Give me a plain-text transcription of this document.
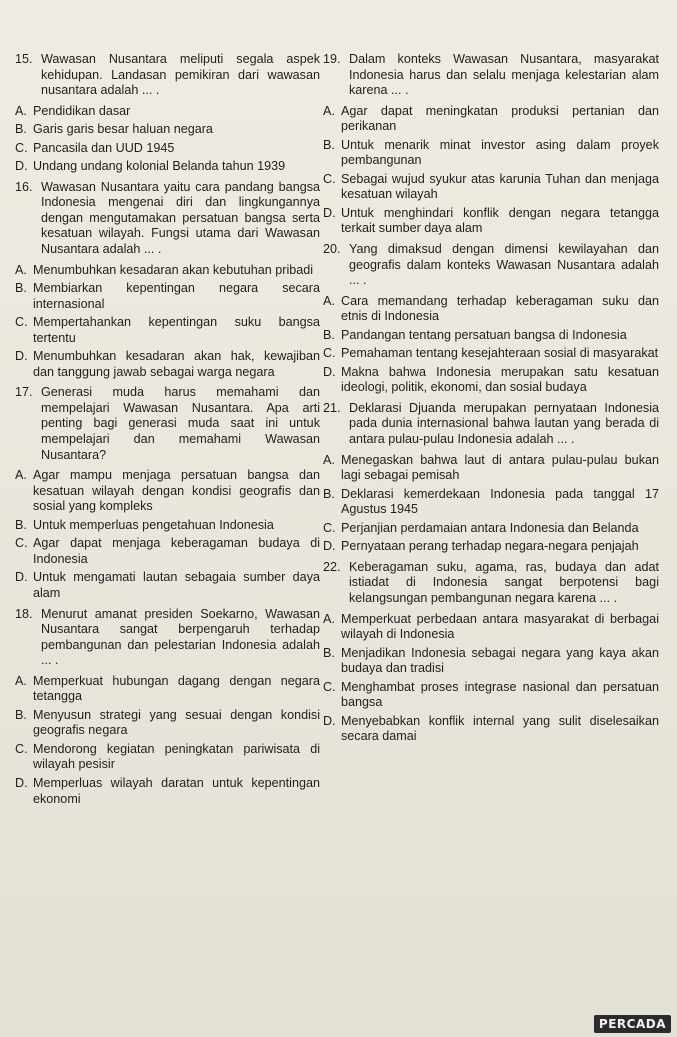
15. Wawasan Nusantara meliputi segala aspek kehidupan. Landasan pemikiran dari wawasan nusantara adalah ... .
A. Pendidikan dasar
B. Garis garis besar haluan negara
C. Pancasila dan UUD 1945
D. Undang undang kolonial Belanda tahun 1939
16. Wawasan Nusantara yaitu cara pandang bangsa Indonesia mengenai diri dan lingkungannya dengan mengutamakan persatuan bangsa serta kesatuan wilayah. Fungsi utama dari Wawasan Nusantara adalah ... .
A. Menumbuhkan kesadaran akan kebutuhan pribadi
B. Membiarkan kepentingan negara secara internasional
C. Mempertahankan kepentingan suku bangsa tertentu
D. Menumbuhkan kesadaran akan hak, kewajiban dan tanggung jawab sebagai warga negara
17. Generasi muda harus memahami dan mempelajari Wawasan Nusantara. Apa arti penting bagi generasi muda saat ini untuk mempelajari dan memahami Wawasan Nusantara?
A. Agar mampu menjaga persatuan bangsa dan kesatuan wilayah dengan kondisi geografis dan sosial yang kompleks
B. Untuk memperluas pengetahuan Indonesia
C. Agar dapat menjaga keberagaman budaya di Indonesia
D. Untuk mengamati lautan sebagaia sumber daya alam
18. Menurut amanat presiden Soekarno, Wawasan Nusantara sangat berpengaruh terhadap pembangunan dan pelestarian Indonesia adalah ... .
A. Memperkuat hubungan dagang dengan negara tetangga
B. Menyusun strategi yang sesuai dengan kondisi geografis negara
C. Mendorong kegiatan peningkatan pariwisata di wilayah pesisir
D. Memperluas wilayah daratan untuk kepentingan ekonomi
19. Dalam konteks Wawasan Nusantara, masyarakat Indonesia harus dan selalu menjaga kelestarian alam karena ... .
A. Agar dapat meningkatan produksi pertanian dan perikanan
B. Untuk menarik minat investor asing dalam proyek pembangunan
C. Sebagai wujud syukur atas karunia Tuhan dan menjaga kesatuan wilayah
D. Untuk menghindari konflik dengan negara tetangga terkait sumber daya alam
20. Yang dimaksud dengan dimensi kewilayahan dan geografis dalam konteks Wawasan Nusantara adalah ... .
A. Cara memandang terhadap keberagaman suku dan etnis di Indonesia
B. Pandangan tentang persatuan bangsa di Indonesia
C. Pemahaman tentang kesejahteraan sosial di masyarakat
D. Makna bahwa Indonesia merupakan satu kesatuan ideologi, politik, ekonomi, dan sosial budaya
21. Deklarasi Djuanda merupakan pernyataan Indonesia pada dunia internasional bahwa lautan yang berada di antara pulau-pulau Indonesia adalah ... .
A. Menegaskan bahwa laut di antara pulau-pulau bukan lagi sebagai pemisah
B. Deklarasi kemerdekaan Indonesia pada tanggal 17 Agustus 1945
C. Perjanjian perdamaian antara Indonesia dan Belanda
D. Pernyataan perang terhadap negara-negara penjajah
22. Keberagaman suku, agama, ras, budaya dan adat istiadat di Indonesia sangat berpotensi bagi kelangsungan pembangunan negara karena ... .
A. Memperkuat perbedaan antara masyarakat di berbagai wilayah di Indonesia
B. Menjadikan Indonesia sebagai negara yang kaya akan budaya dan tradisi
C. Menghambat proses integrase nasional dan persatuan bangsa
D. Menyebabkan konflik internal yang sulit diselesaikan secara damai
PERCADA
